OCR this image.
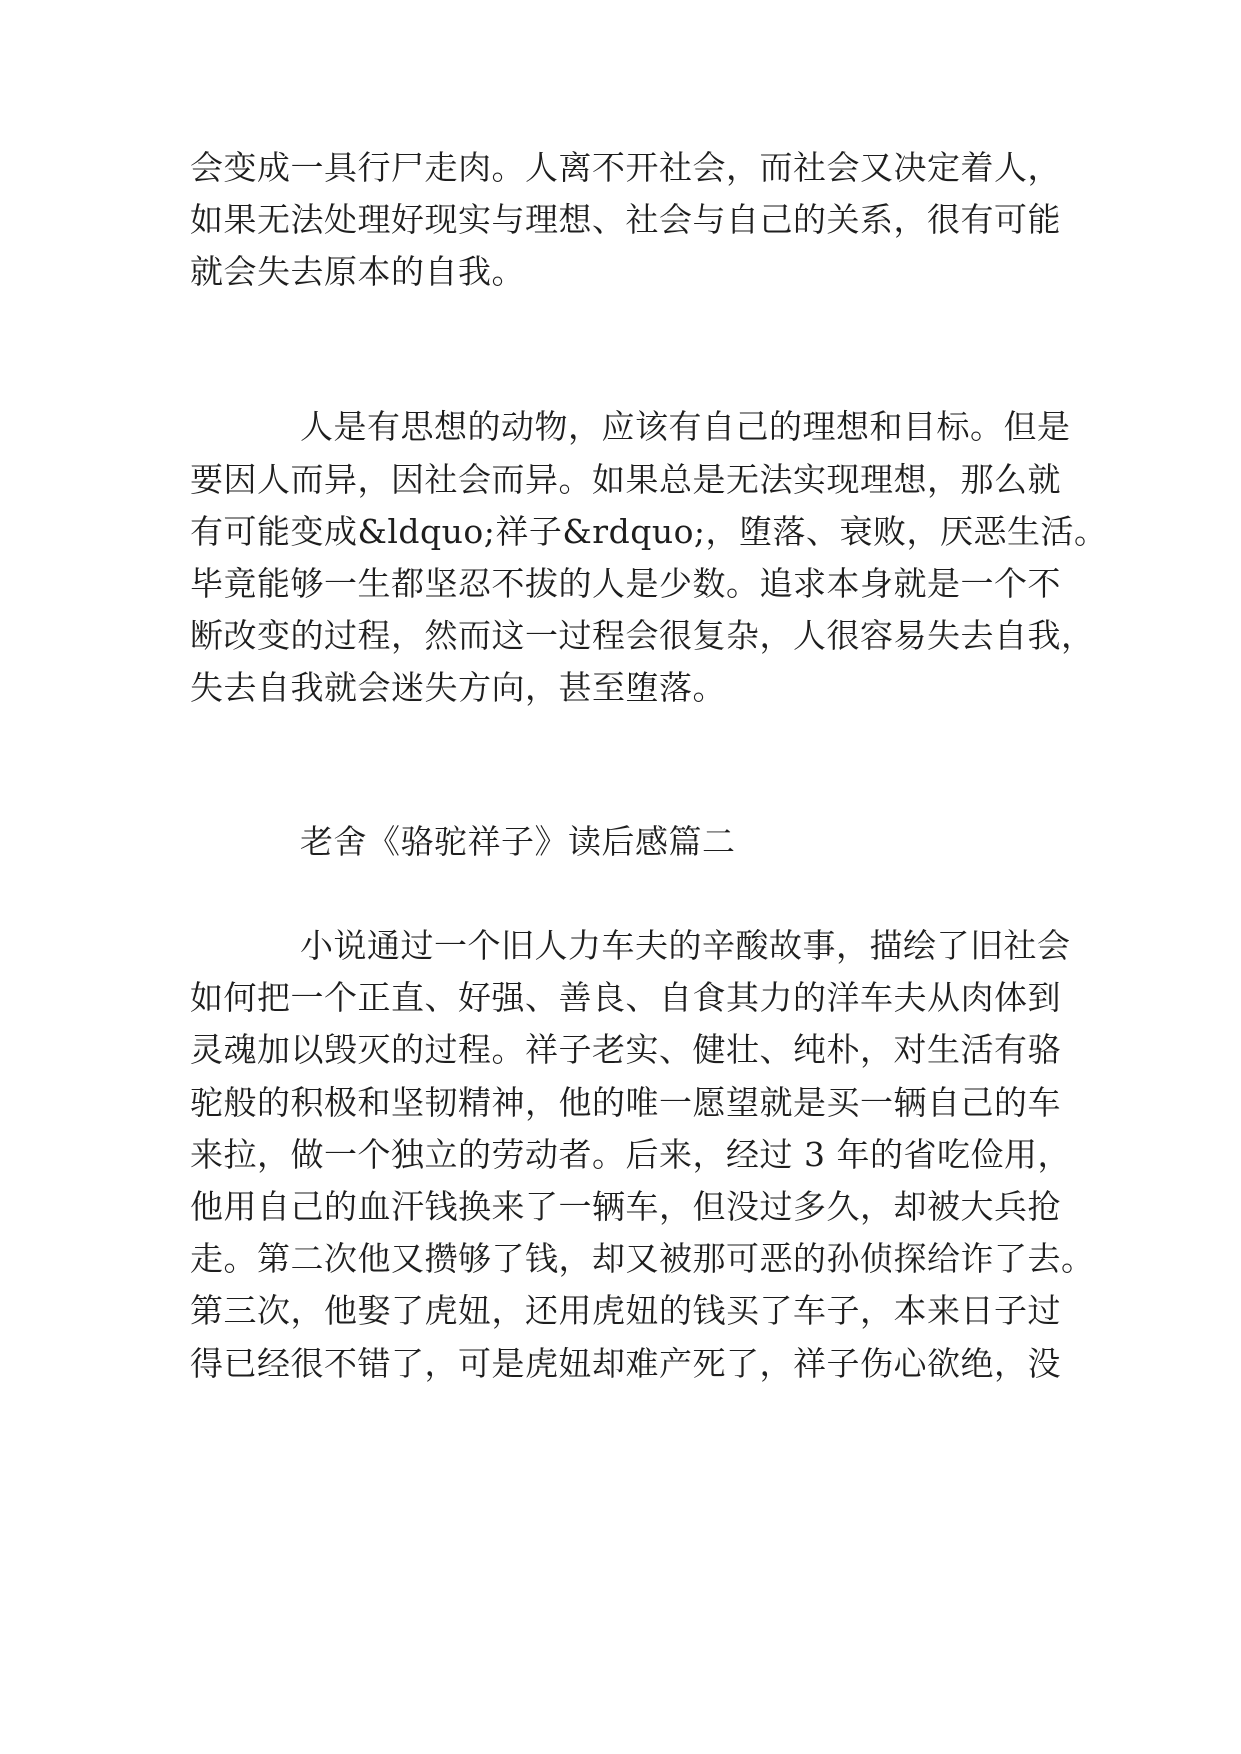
会变成一具行尸走肉。人离不开社会，而社会又决定着人，
如果无法处理好现实与理想、社会与自己的关系，很有可能
就会失去原本的自我。
人是有思想的动物，应该有自己的理想和目标。但是
要因人而异，因社会而异。如果总是无法实现理想，那么就
有可能变成&ldquo;祥子&rdquo;，堕落、衰败，厌恶生活。
毕竟能够一生都坚忍不拔的人是少数。追求本身就是一个不
断改变的过程，然而这一过程会很复杂，人很容易失去自我，
失去自我就会迷失方向，甚至堕落。
老舍《骆驼祥子》读后感篇二
小说通过一个旧人力车夫的辛酸故事，描绘了旧社会
如何把一个正直、好强、善良、自食其力的洋车夫从肉体到
灵魂加以毁灭的过程。祥子老实、健壮、纯朴，对生活有骆
驼般的积极和坚韧精神，他的唯一愿望就是买一辆自己的车
来拉，做一个独立的劳动者。后来，经过 3 年的省吃俭用，
他用自己的血汗钱换来了一辆车，但没过多久，却被大兵抢
走。第二次他又攒够了钱，却又被那可恶的孙侦探给诈了去。
第三次，他娶了虎妞，还用虎妞的钱买了车子，本来日子过
得已经很不错了，可是虎妞却难产死了，祥子伤心欲绝，没
